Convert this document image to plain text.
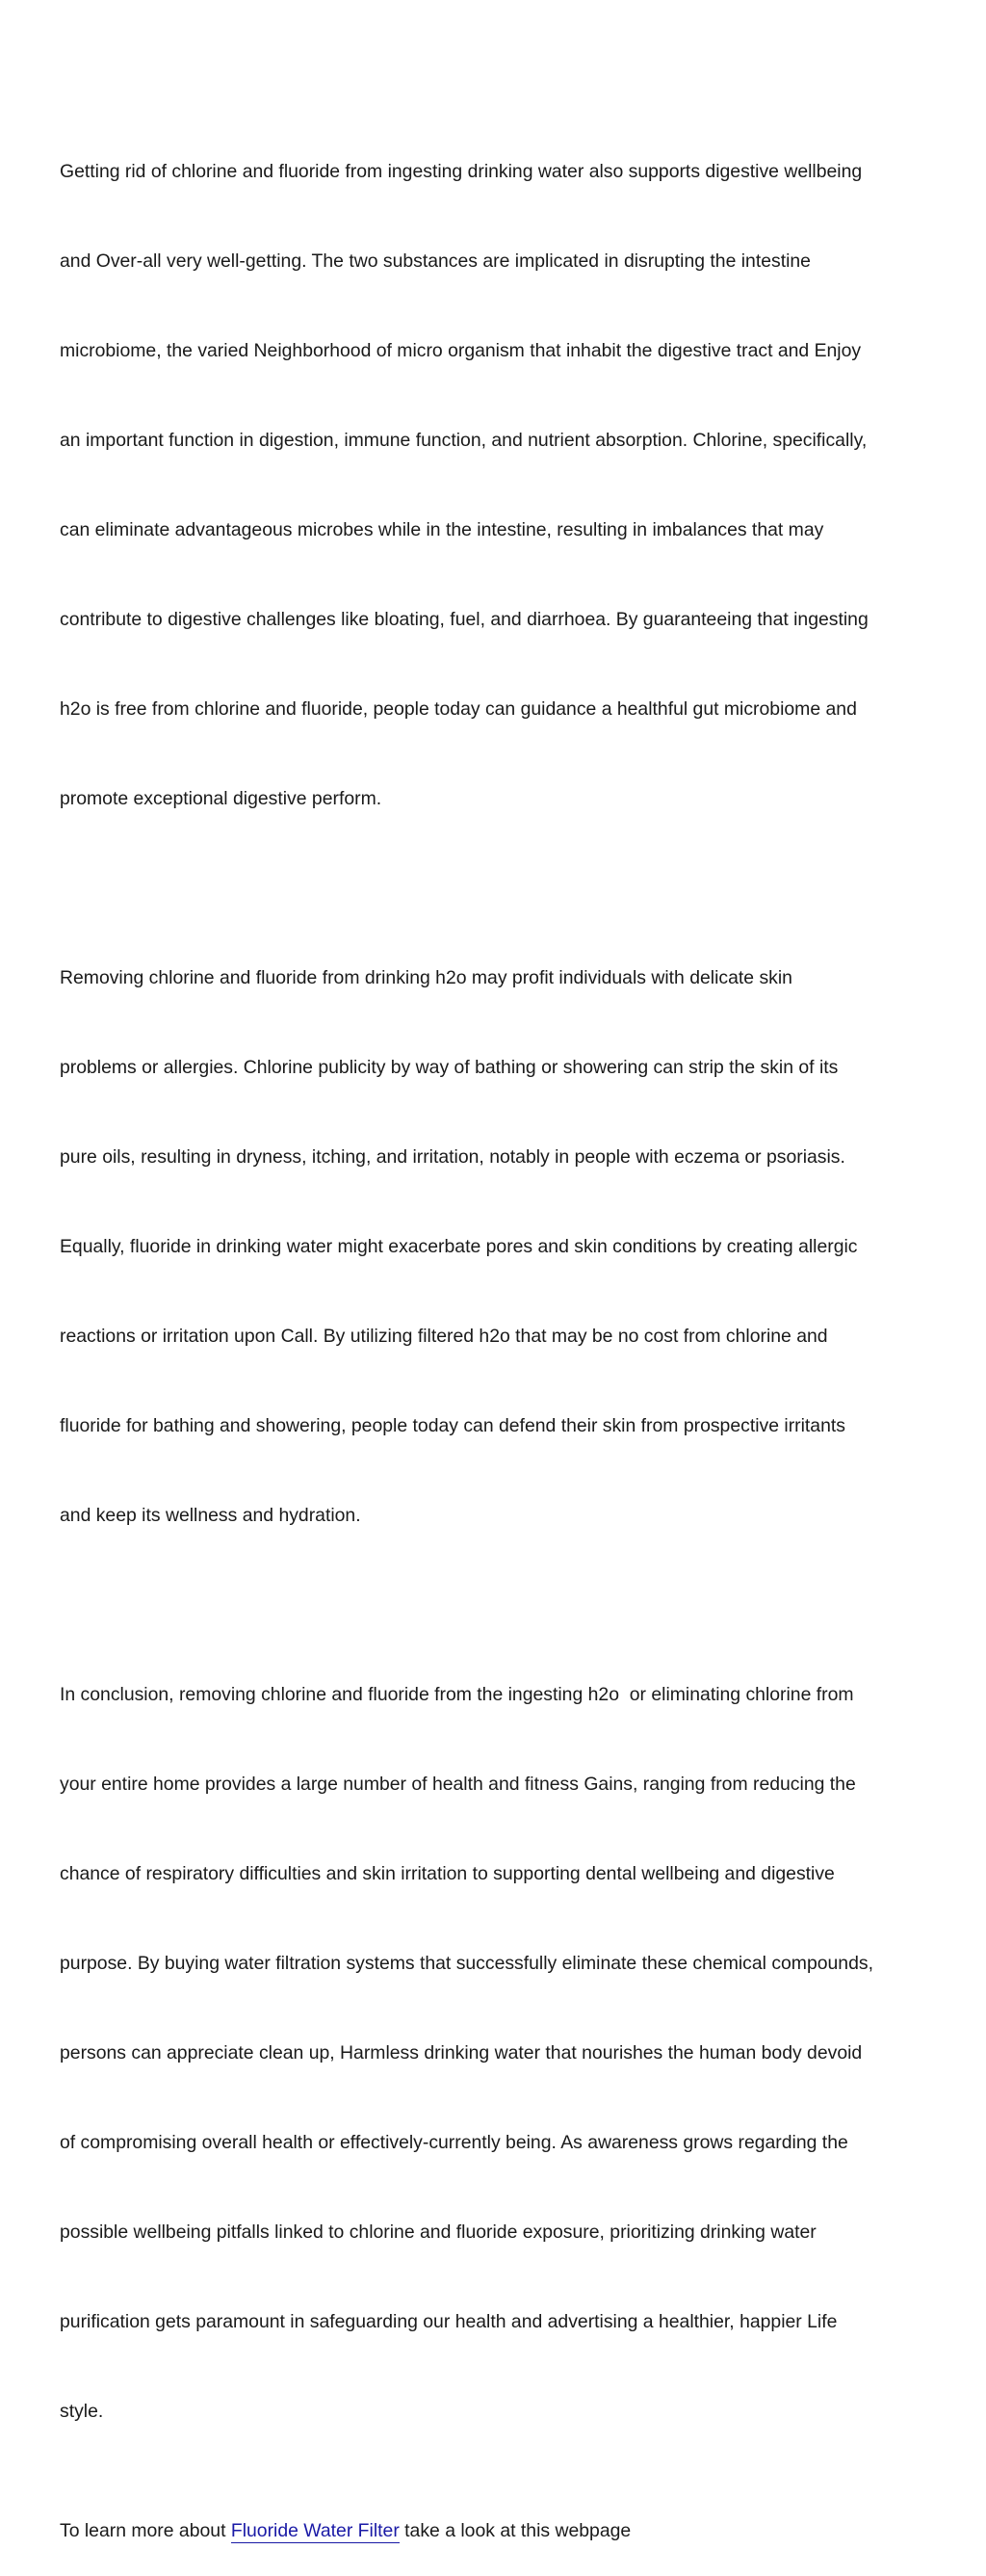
Getting rid of chlorine and fluoride from ingesting drinking water also supports digestive wellbeing

and Over-all very well-getting. The two substances are implicated in disrupting the intestine

microbiome, the varied Neighborhood of micro organism that inhabit the digestive tract and Enjoy

an important function in digestion, immune function, and nutrient absorption. Chlorine, specifically,

can eliminate advantageous microbes while in the intestine, resulting in imbalances that may

contribute to digestive challenges like bloating, fuel, and diarrhoea. By guaranteeing that ingesting

h2o is free from chlorine and fluoride, people today can guidance a healthful gut microbiome and

promote exceptional digestive perform.

Removing chlorine and fluoride from drinking h2o may profit individuals with delicate skin

problems or allergies. Chlorine publicity by way of bathing or showering can strip the skin of its

pure oils, resulting in dryness, itching, and irritation, notably in people with eczema or psoriasis.

Equally, fluoride in drinking water might exacerbate pores and skin conditions by creating allergic

reactions or irritation upon Call. By utilizing filtered h2o that may be no cost from chlorine and

fluoride for bathing and showering, people today can defend their skin from prospective irritants

and keep its wellness and hydration.

In conclusion, removing chlorine and fluoride from the ingesting h2o  or eliminating chlorine from

your entire home provides a large number of health and fitness Gains, ranging from reducing the

chance of respiratory difficulties and skin irritation to supporting dental wellbeing and digestive

purpose. By buying water filtration systems that successfully eliminate these chemical compounds,

persons can appreciate clean up, Harmless drinking water that nourishes the human body devoid

of compromising overall health or effectively-currently being. As awareness grows regarding the

possible wellbeing pitfalls linked to chlorine and fluoride exposure, prioritizing drinking water

purification gets paramount in safeguarding our health and advertising a healthier, happier Life

style.

To learn more about Fluoride Water Filter take a look at this webpage
